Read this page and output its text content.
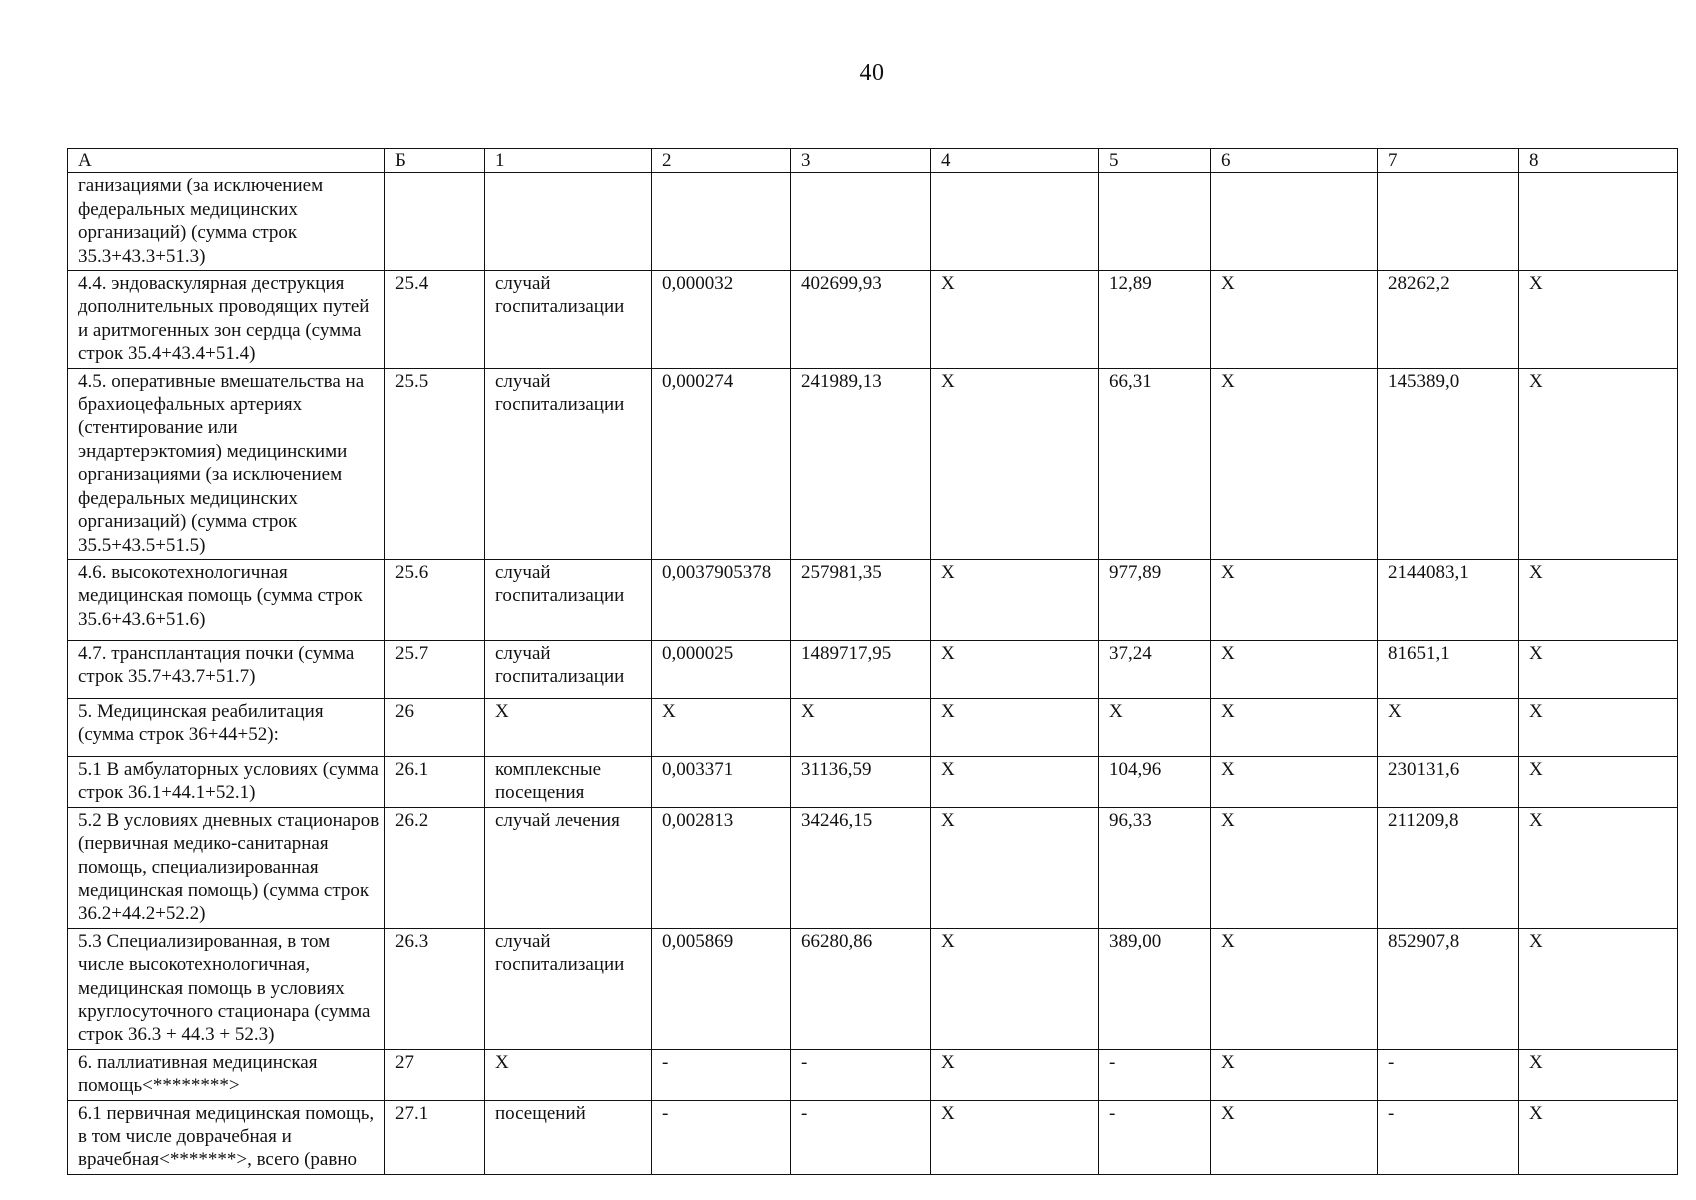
40
А	Б	1	2	3	4	5	6	7	8
ганизациями (за исключением федеральных медицинских организаций) (сумма строк 35.3+43.3+51.3)									
4.4. эндоваскулярная деструкция дополнительных проводящих путей и аритмогенных зон сердца (сумма строк 35.4+43.4+51.4)	25.4	случай госпитализации	0,000032	402699,93	Х	12,89	Х	28262,2	Х
4.5. оперативные вмешательства на брахиоцефальных артериях (стентирование или эндартерэктомия) медицинскими организациями (за исключением федеральных медицинских организаций) (сумма строк 35.5+43.5+51.5)	25.5	случай госпитализации	0,000274	241989,13	Х	66,31	Х	145389,0	Х
4.6. высокотехнологичная медицинская помощь (сумма строк 35.6+43.6+51.6)	25.6	случай госпитализации	0,0037905378	257981,35	Х	977,89	Х	2144083,1	Х
4.7. трансплантация почки (сумма строк 35.7+43.7+51.7)	25.7	случай госпитализации	0,000025	1489717,95	Х	37,24	Х	81651,1	Х
5. Медицинская реабилитация (сумма строк 36+44+52):	26	Х	Х	Х	Х	Х	Х	Х	Х
5.1 В амбулаторных условиях (сумма строк 36.1+44.1+52.1)	26.1	комплексные посещения	0,003371	31136,59	Х	104,96	Х	230131,6	Х
5.2 В условиях дневных стационаров (первичная медико-санитарная помощь, специализированная медицинская помощь) (сумма строк 36.2+44.2+52.2)	26.2	случай лечения	0,002813	34246,15	Х	96,33	Х	211209,8	Х
5.3 Специализированная, в том числе высокотехнологичная, медицинская помощь в условиях круглосуточного стационара (сумма строк 36.3 + 44.3 + 52.3)	26.3	случай госпитализации	0,005869	66280,86	Х	389,00	Х	852907,8	Х
6. паллиативная медицинская помощь<********>	27	Х	-	-	Х	-	Х	-	Х
6.1 первичная медицинская помощь, в том числе доврачебная и врачебная<*******>, всего (равно	27.1	посещений	-	-	Х	-	Х	-	Х
